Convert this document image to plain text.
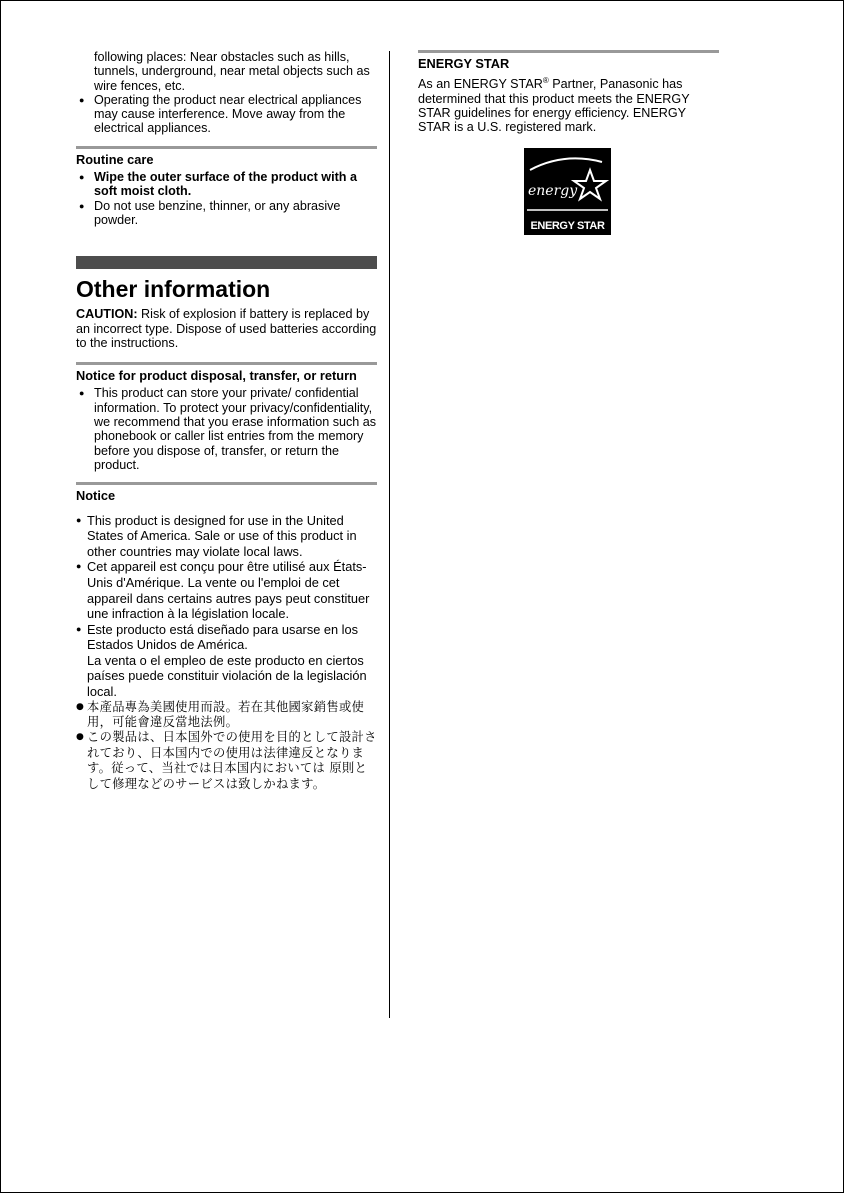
following places: Near obstacles such as hills, tunnels, underground, near metal objects such as wire fences, etc.
● Operating the product near electrical appliances may cause interference. Move away from the electrical appliances.
Routine care
● Wipe the outer surface of the product with a soft moist cloth.
● Do not use benzine, thinner, or any abrasive powder.
Other information

CAUTION: Risk of explosion if battery is replaced by an incorrect type. Dispose of used batteries according to the instructions.

Notice for product disposal, transfer, or return
● This product can store your private/ confidential information. To protect your privacy/confidentiality, we recommend that you erase information such as phonebook or caller list entries from the memory before you dispose of, transfer, or return the product.
Notice
● This product is designed for use in the United States of America. Sale or use of this product in other countries may violate local laws.
● Cet appareil est conçu pour être utilisé aux États-Unis d'Amérique. La vente ou l'emploi de cet appareil dans certains autres pays peut constituer une infraction à la législation locale.
● Este producto está diseñado para usarse en los Estados Unidos de América.
La venta o el empleo de este producto en ciertos países puede constituir violación de la legislación local.
● 本產品專為美國使用而設。若在其他國家銷售或使用，可能會違反當地法例。
● この製品は、日本国外での使用を目的として設計されており、日本国内での使用は法律違反となります。従って、当社では日本国内においては 原則として修理などのサービスは致しかねます。
ENERGY STAR

As an ENERGY STAR® Partner, Panasonic has determined that this product meets the ENERGY STAR guidelines for energy efficiency. ENERGY STAR is a U.S. registered mark.

energy
ENERGY STAR
